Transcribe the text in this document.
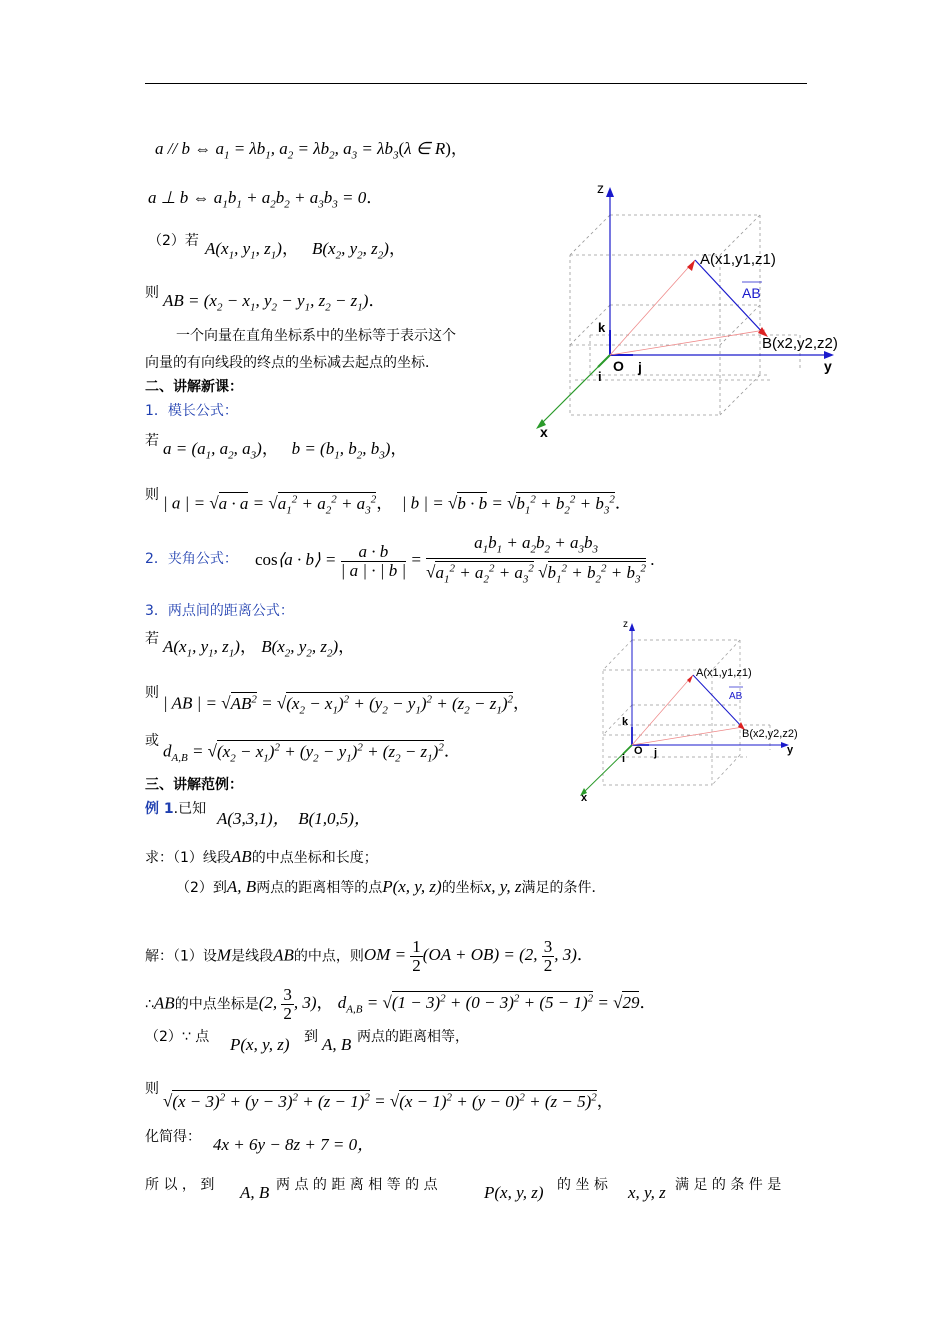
a // b ⇔ $a_1 = \lambda b_1$, $a_2 = \lambda b_2$, $a_3 = \lambda b_3(\lambda$ ∈ R)，
a ⊥ b ⇔ $a_1b_1 + a_2b_2 + a_3b_3 = 0$．
（2）若 $A(x_1$, $y_1$, $z_1$)， $B(x_2$, $y_2$, $z_2$)，
则 AB = ($x_2 - x_1$, $y_2 - y_1$, $z_2 - z_1$)．
一个向量在直角坐标系中的坐标等于表示这个
向量的有向线段的终点的坐标减去起点的坐标．
二、讲解新课：
1．模长公式：
若 $a = (a_1$, $a_2$, $a_3$)，   $b = (b_1$, $b_2$, $b_3$)，
则 | a | = $√a \cdot a = √a_1^2 + a_2^2 + a_3^2$，  | b | = $√b \cdot b = √b_1^2 + b_2^2 + b_3^2$．
2．夹角公式： cos⟨a · b⟩ = $\frac{a \cdot b}{| a | \cdot | b |} = \frac{a_1b_1 + a_2b_2 + a_3b_3}{√a_1^2 + a_2^2 + a_3^2 √b_1^2 + b_2^2 + b_3^2}$ .
3．两点间的距离公式：
若 $A(x_1$, $y_1$, $z_1$)， $B(x_2$, $y_2$, $z_2$)，
则
| AB | = $√AB^2 = √(x_2 - x_1)^2 + (y_2 - y_1)^2 + (z_2 - z_1)^2$，
或
$d_{A,B} = √(x_2 - x_1)^2 + (y_2 - y_1)^2 + (z_2 - z_1)^2$．
三、讲解范例：
例 1.已知 A(3,3,1)， B(1,0,5)，
求：（1）线段AB的中点坐标和长度；
（2）到A, B两点的距离相等的点P(x, y, z)的坐标x, y, z满足的条件．
解：（1）设M是线段AB的中点，则OM = $\frac{1}{2} (OA + OB) = (2$, $\frac{3}{2}$ , 3)．
∴AB的中点坐标是(2, $\frac{3}{2}$ , 3)， $d_{A,B} = √(1 - 3)^2 + (0 - 3)^2 + (5 - 1)^2 = √29$．
（2）∵ 点 P(x, y, z) 到 A, B 两点的距离相等，
则
$√(x - 3)^2 + (y - 3)^2 + (z - 1)^2 = √(x - 1)^2 + (y - 0)^2 + (z - 5)^2$，
化简得： 4x + 6y − 8z + 7 = 0，
所 以 ， 到 A, B 两 点 的 距 离 相 等 的 点	P(x, y, z) 的 坐 标 x, y, z 满 足 的 条 件 是
z
y
x
k
i
j
O
A(x1,y1,z1)
B(x2,y2,z2)
AB
z
y
x
k
i	j
O
A(x1,y1,z1)
B(x2,y2,z2)
AB
